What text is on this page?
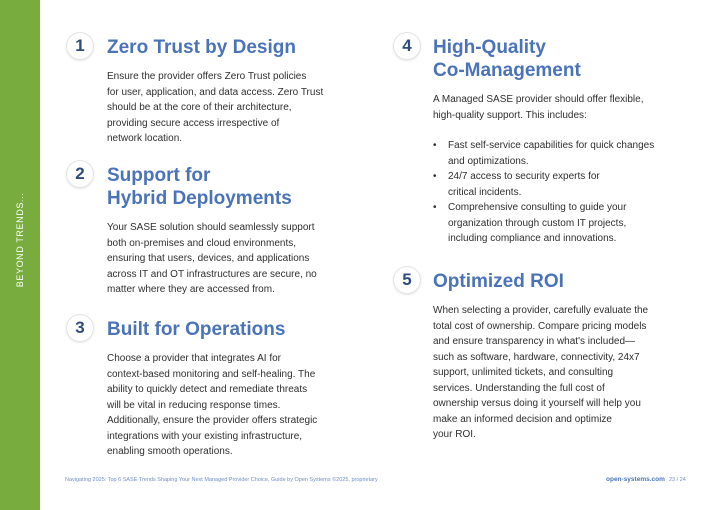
BEYOND TRENDS...
1	Zero Trust by Design

Ensure the provider offers Zero Trust policies
for user, application, and data access. Zero Trust
should be at the core of their architecture,
providing secure access irrespective of
network location.

2	Support for
Hybrid Deployments

Your SASE solution should seamlessly support
both on-premises and cloud environments,
ensuring that users, devices, and applications
across IT and OT infrastructures are secure, no
matter where they are accessed from.

3	Built for Operations

Choose a provider that integrates AI for
context-based monitoring and self-healing. The
ability to quickly detect and remediate threats
will be vital in reducing response times.
Additionally, ensure the provider offers strategic
integrations with your existing infrastructure,
enabling smooth operations.

4	High-Quality
Co-Management

A Managed SASE provider should offer flexible,
high-quality support. This includes:

• Fast self-service capabilities for quick changes
and optimizations.
• 24/7 access to security experts for
critical incidents.
• Comprehensive consulting to guide your
organization through custom IT projects,
including compliance and innovations.
5	Optimized ROI

When selecting a provider, carefully evaluate the
total cost of ownership. Compare pricing models
and ensure transparency in what's included—
such as software, hardware, connectivity, 24x7
support, unlimited tickets, and consulting
services. Understanding the full cost of
ownership versus doing it yourself will help you
make an informed decision and optimize
your ROI.

Navigating 2025: Top 6 SASE Trends Shaping Your Next Managed Provider Choice, Guide by Open Systems ©2025, proprietary	open-systems.com 23 / 24
